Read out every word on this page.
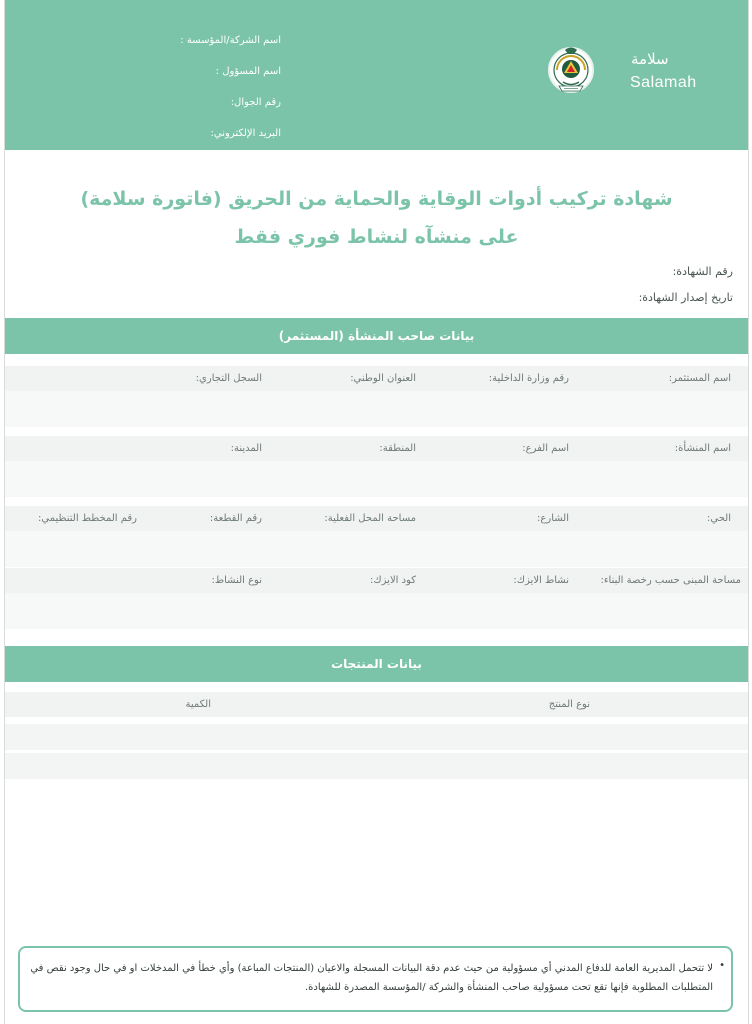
سلامة
Salamah
اسم الشركة/المؤسسة :
اسم المسؤول :
رقم الجوال:
البريد الإلكتروني:
شهادة تركيب أدوات الوقاية والحماية من الحريق (فاتورة سلامة)
على منشآه لنشاط فوري فقط
رقم الشهادة:
تاريخ إصدار الشهادة:
بيانات صاحب المنشأة (المستثمر)
اسم المستثمر:
رقم وزارة الداخلية:
العنوان الوطني:
السجل التجاري:
اسم المنشأة:
اسم الفرع:
المنطقة:
المدينة:
الحي:
الشارع:
مساحة المحل الفعلية:
رقم القطعة:
رقم المخطط التنظيمي:
مساحة المبنى حسب رخصة البناء:
نشاط الايزك:
كود الايزك:
نوع النشاط:
بيانات المنتجات
نوع المنتج
الكمية
•
لا تتحمل المديرية العامة للدفاع المدني أي مسؤولية من حيث عدم دقة البيانات المسجلة والاعيان (المنتجات المباعة) وأي خطأ في المدخلات او في حال وجود نقص في المتطلبات المطلوبة فإنها تقع تحت مسؤولية صاحب المنشأة والشركة /المؤسسة المصدرة للشهادة.
